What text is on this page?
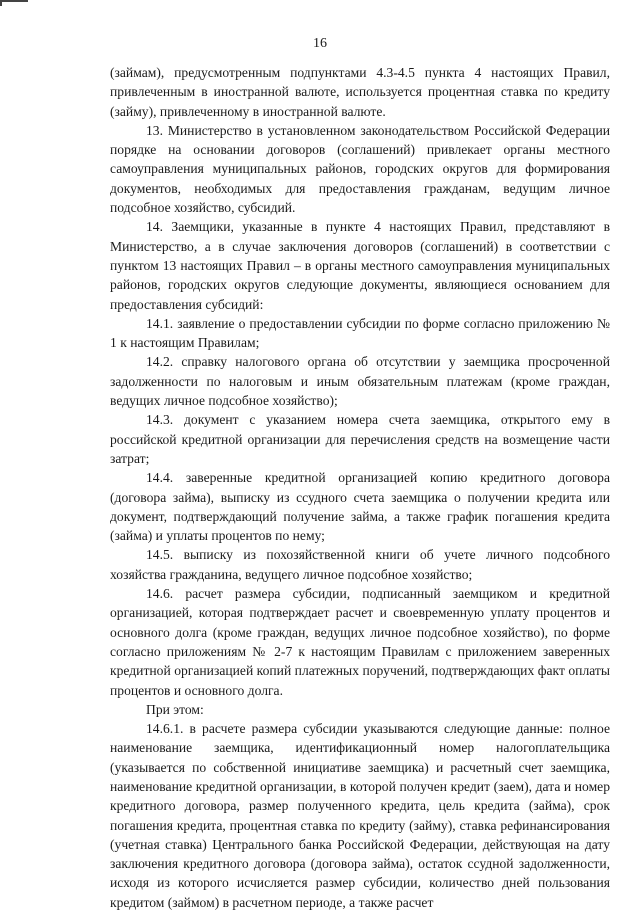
16

(займам), предусмотренным подпунктами 4.3-4.5 пункта 4 настоящих Правил, привлеченным в иностранной валюте, используется процентная ставка по кредиту (займу), привлеченному в иностранной валюте.

13. Министерство в установленном законодательством Российской Федерации порядке на основании договоров (соглашений) привлекает органы местного самоуправления муниципальных районов, городских округов для формирования документов, необходимых для предоставления гражданам, ведущим личное подсобное хозяйство, субсидий.

14. Заемщики, указанные в пункте 4 настоящих Правил, представляют в Министерство, а в случае заключения договоров (соглашений) в соответствии с пунктом 13 настоящих Правил – в органы местного самоуправления муниципальных районов, городских округов следующие документы, являющиеся основанием для предоставления субсидий:

14.1. заявление о предоставлении субсидии по форме согласно приложению № 1 к настоящим Правилам;

14.2. справку налогового органа об отсутствии у заемщика просроченной задолженности по налоговым и иным обязательным платежам (кроме граждан, ведущих личное подсобное хозяйство);

14.3. документ с указанием номера счета заемщика, открытого ему в российской кредитной организации для перечисления средств на возмещение части затрат;

14.4. заверенные кредитной организацией копию кредитного договора (договора займа), выписку из ссудного счета заемщика о получении кредита или документ, подтверждающий получение займа, а также график погашения кредита (займа) и уплаты процентов по нему;

14.5. выписку из похозяйственной книги об учете личного подсобного хозяйства гражданина, ведущего личное подсобное хозяйство;

14.6. расчет размера субсидии, подписанный заемщиком и кредитной организацией, которая подтверждает расчет и своевременную уплату процентов и основного долга (кроме граждан, ведущих личное подсобное хозяйство), по форме согласно приложениям № 2-7 к настоящим Правилам с приложением заверенных кредитной организацией копий платежных поручений, подтверждающих факт оплаты процентов и основного долга.

При этом:

14.6.1. в расчете размера субсидии указываются следующие данные: полное наименование заемщика, идентификационный номер налогоплательщика (указывается по собственной инициативе заемщика) и расчетный счет заемщика, наименование кредитной организации, в которой получен кредит (заем), дата и номер кредитного договора, размер полученного кредита, цель кредита (займа), срок погашения кредита, процентная ставка по кредиту (займу), ставка рефинансирования (учетная ставка) Центрального банка Российской Федерации, действующая на дату заключения кредитного договора (договора займа), остаток ссудной задолженности, исходя из которого исчисляется размер субсидии, количество дней пользования кредитом (займом) в расчетном периоде, а также расчет
